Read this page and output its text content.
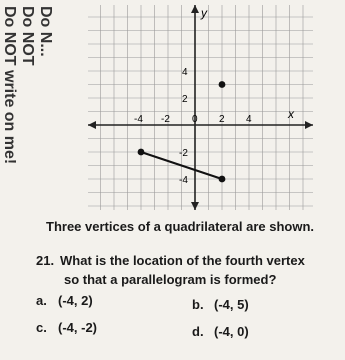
Do NOT write on me! Do NOT Do N...
-4 -2 0 2 4
4
2
-2
-4
x
y
Three vertices of a quadrilateral are shown.
21. What is the location of the fourth vertex
so that a parallelogram is formed?
a. (-4, 2)	b. (-4, 5)
c. (-4, -2)	d. (-4, 0)
